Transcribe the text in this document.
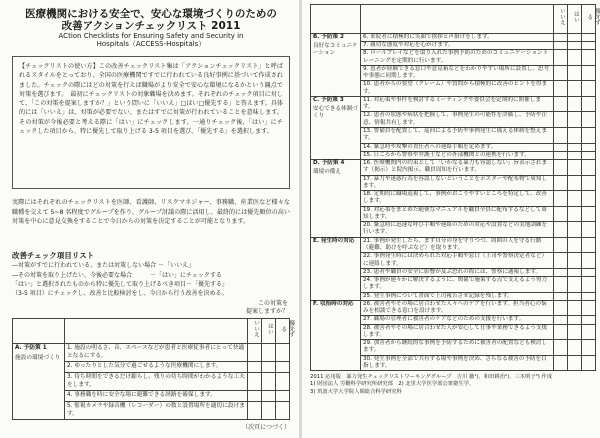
医療機関における安全で、安心な環境づくりのための
改善アクションチェックリスト 2011
ACtion Checklists for Ensuring Safety and Security in
Hospitals（ACCESS-Hospitals）

【チェックリストの使い方】この改善チェックリスト集は「アクションチェックリスト」と呼ばれるスタイルをとっており、全国の医療機関ですでに行われている良好事例に基づいて作成されました。チェックの際にはどの対策を行えば職場がより安全で安心な環境になるかという観点で対策を選びます。　最初にチェックリストの対象職場を決めます。それぞれのチェック項目に対して、「この対策を提案しますか？」という問いに「いいえ」□ほい□優先する」と答えます。具体的には「いいえ」は、対策が必要でない、またはすでに対策が行われていることを意味します。その対策が今後必要と考える際に「はい」にチェックします。一通りチェック後、「はい」にチェックした項目から、特に優先して取り上げる 3-5 項目を選び、「優先する」を選択します。

実際にはそれぞれのチェックリストを医師、看護師、リスクマネジャー、事務職、産業医など様々な職種を交えて 5~8 名程度でグループを作り、グループ討議の際に活用し、最終的には優先順位の高い対策を中心に意見交換をすることで今日からの対策を決定することが可能となります。
改善チェック項目リスト
―対策がすでに行われている、または対策しない場合 －「いいえ」
―その対策を取り上げたい、今後必要な場合　　　－「はい」にチェックする
「はい」と選択されたものから特に優先して取り上げるべき項目－「優先する」
（3-5 項目）にチェックし、改善と比較検討をし、今日から行う改善を決める。
この対策を
提案しますか？
		いいえ	はい	優先する
A. 予防策 1
施設の環境づくり	1. 施設の明るさ、音、スペースなどが患者と医療従事者にとって快適となるにする。			
	2. ゆったりとした気分で過ごせるような医療機関にします。			
	3. 待ち時間をできるだけ縮らし、残りの待ち時間がわかるような工夫をします。			
	4. 事務職を時に安全な場に避難できる経路を確保します。			
	5. 監視カメラや録音機（レコーダー）の数と設置場所を適切に設けます。			
（次頁につづく）
		いいえ	はい	優先する
B. 予防策 2
良好なコミュニケーション	6. 来院者に積極的に笑顔で挨拶と声掛けをします。			
	7. 親切な態度や対応を心がけます。			
	8. ロールプレイなどを取り入れた事例予防のためのコミュニケーショントレーニングを定期的に行います。			
	9. 患者が経験できる窓口や意見箱などをわかりやすい場所に設置し、思考や事態に同期します。			
	10. 患者からの要望（クレーム）や質問から積極的に改善のヒントを得ます。			
C. 予防策 3
安心できる体制づくり	11. 対応策や事件を検討するミーティングや委員会を定期的に開催します。			
	12. 患者の状態や病状を把握して、事例発生の可能性を評価し、予防や注意、情報共有します。			
	13. 警備員を配置して、巡回による予防や事例発生に備える体制を整えます。			
	14. 緊急時や攻撃の責任者への連絡手順を定めます。			
	15. 日ごろから警察や弁護士などの外部機関との連携を行います。			
D. 予防策 4
環境の備え	16. 医療機関内の約束として「いかなる暴力も容認しない」旨表示されます（掲示）と院内掲示、職員周知を行います。			
	17. 暴力や迷惑行為を容認しないということをポスターや配布物で周知します。			
	18. 定期的に職場巡視して、事例がおこりやすいところを特定して、改善します。			
	19. 対応策をまとめた随便なマニュアルを職員全員に配布するなどして周知します。			
	20. 緊急時に迅速な呼び手順や連絡のための対応や設置などの実地訓練を行います。			
E. 発生時の対応	21. 事例が発生したら、まず自分の身を守りつつ、周囲の人を守る行動（避難、助けを呼ぶなど）を取ります。			
	22. 事例発生時には決められた対応手順や窓口（上司や警察決定者など）に連絡します。			
	23. 患者や職員の安全に影響が及ぶ恐れの際には、警察に通報します。			
	24. 事例が連々かに解決するように、関係で施策する点で支えるよう努力します。			
	25. 発生事例について書面で上司報告させ記録を残します。			
F. 収拾時の対応	26. 被害者やその場に居合わせた人々へのケアを行います。担当者心の悩みを相談できる窓口を設けます。			
	27. 職場の管理者に被害者のケアなどのための支援を行います。			
	28. 被害者やその場に居合わせた人が安心して仕事や業務できるよう支援します。			
	29. 加害者から継続的な事例を予防するために被害者の配置なども検討します。			
	30. 発生事例を全部で共有する場や事例を決め、さらなる被害の予防を目指します。			
2011 応用版　暴力発生チェックリストワーキンググループ　吉川 徹¹)、和田耕治²)、三木明子³) 作成
1) 財団法人 労働科学研究所研究部　2) 北里大学医学部公衆衛生学、
3) 筑波大学大学院人間総合科学研究科
